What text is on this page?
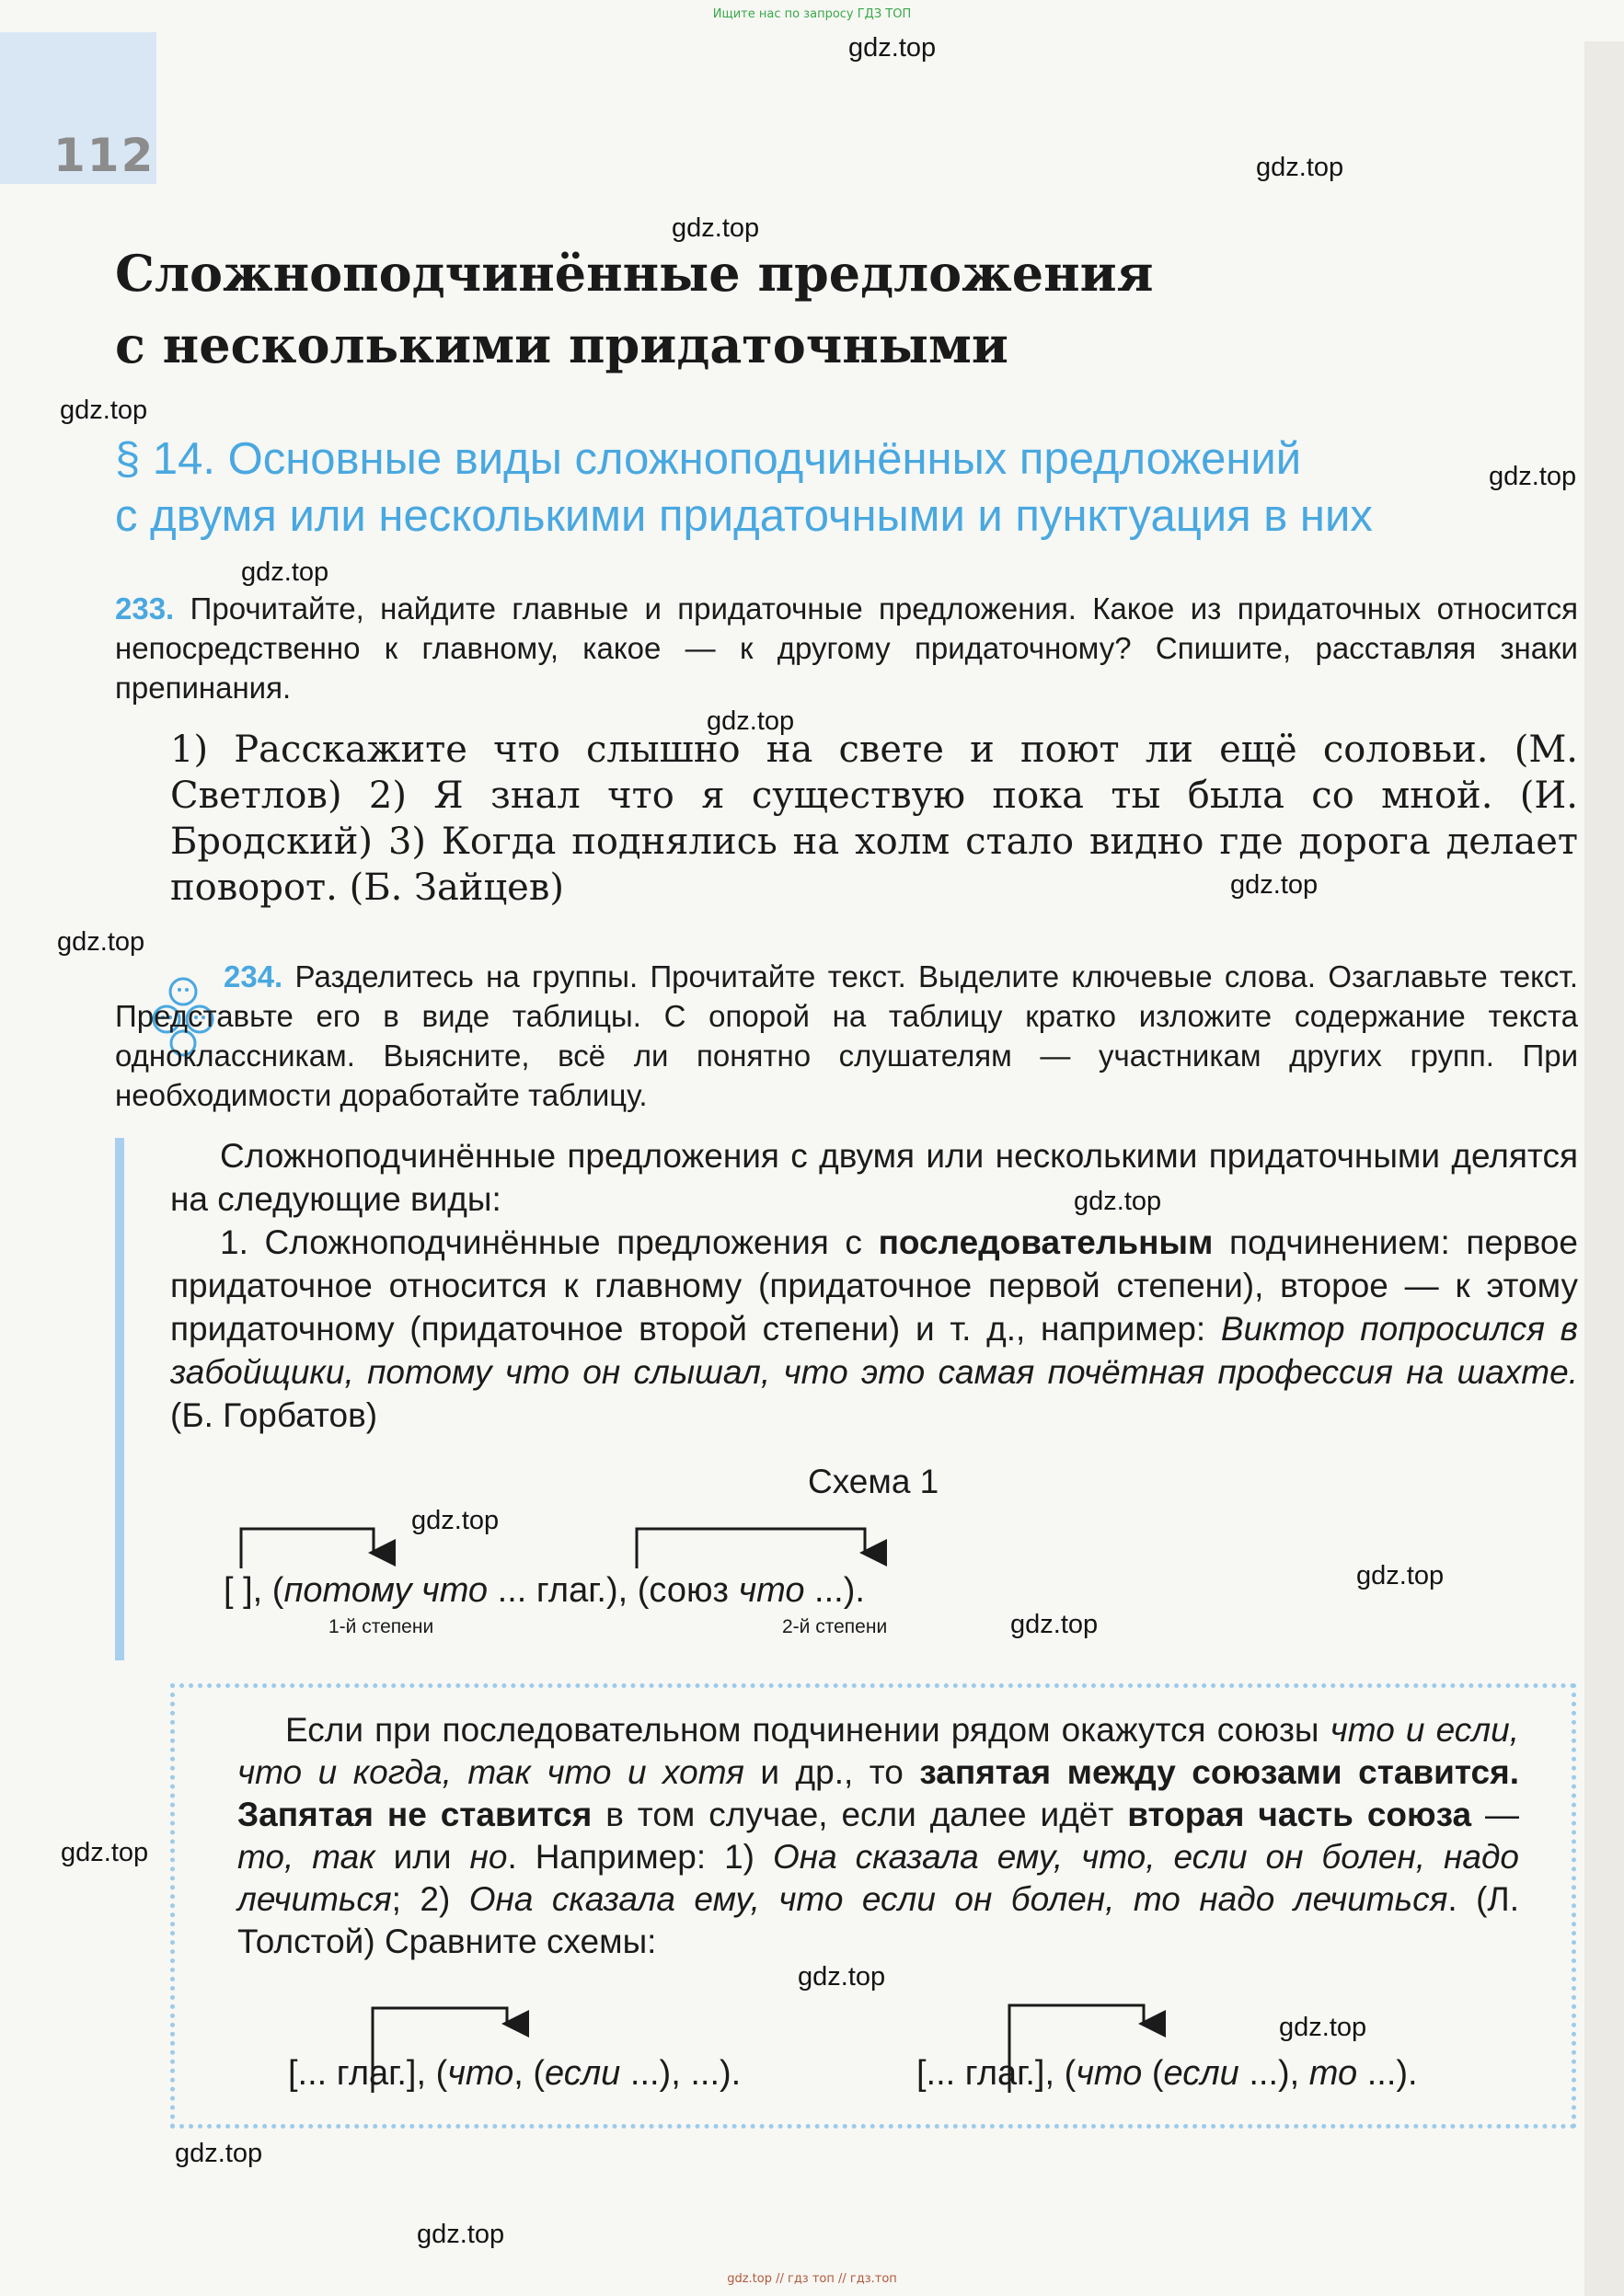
112
Ищите нас по запросу ГДЗ ТОП
gdz.top // гдз топ // гдз.топ
gdz.top
gdz.top
gdz.top
gdz.top
gdz.top
gdz.top
gdz.top
gdz.top
gdz.top
gdz.top
gdz.top
gdz.top
gdz.top
gdz.top
gdz.top
gdz.top
gdz.top
gdz.top
Сложноподчинённые предложения
с несколькими придаточными
§ 14. Основные виды сложноподчинённых предложений
с двумя или несколькими придаточными и пунктуация в них
233. Прочитайте, найдите главные и придаточные предложения. Какое из придаточных относится непосредственно к главному, какое — к другому придаточному? Спишите, расставляя знаки препинания.
1) Расскажите что слышно на свете и поют ли ещё соловьи. (М. Светлов) 2) Я знал что я существую пока ты была со мной. (И. Бродский) 3) Когда поднялись на холм стало видно где дорога делает поворот. (Б. Зайцев)
234. Разделитесь на группы. Прочитайте текст. Выделите ключевые слова. Озаглавьте текст. Представьте его в виде таблицы. С опорой на таблицу кратко изложите содержание текста одноклассникам. Выясните, всё ли понятно слушателям — участникам других групп. При необходимости доработайте таблицу.

Сложноподчинённые предложения с двумя или несколькими придаточными делятся на следующие виды:

1. Сложноподчинённые предложения с последовательным подчинением: первое придаточное относится к главному (придаточное первой степени), второе — к этому придаточному (придаточное второй степени) и т. д., например: Виктор попросился в забойщики, потому что он слышал, что это самая почётная профессия на шахте. (Б. Горбатов)

Схема 1
[ ], (потому что ... глаг.), (союз что ...).
1-й степени	2-й степени

Если при последовательном подчинении рядом окажутся союзы что и если, что и когда, так что и хотя и др., то запятая между союзами ставится. Запятая не ставится в том случае, если далее идёт вторая часть союза — то, так или но. Например: 1) Она сказала ему, что, если он болен, надо лечиться; 2) Она сказала ему, что если он болен, то надо лечиться. (Л. Толстой) Сравните схемы:

[... глаг.], (что, (если ...), ...).	[... глаг.], (что (если ...), то ...).
